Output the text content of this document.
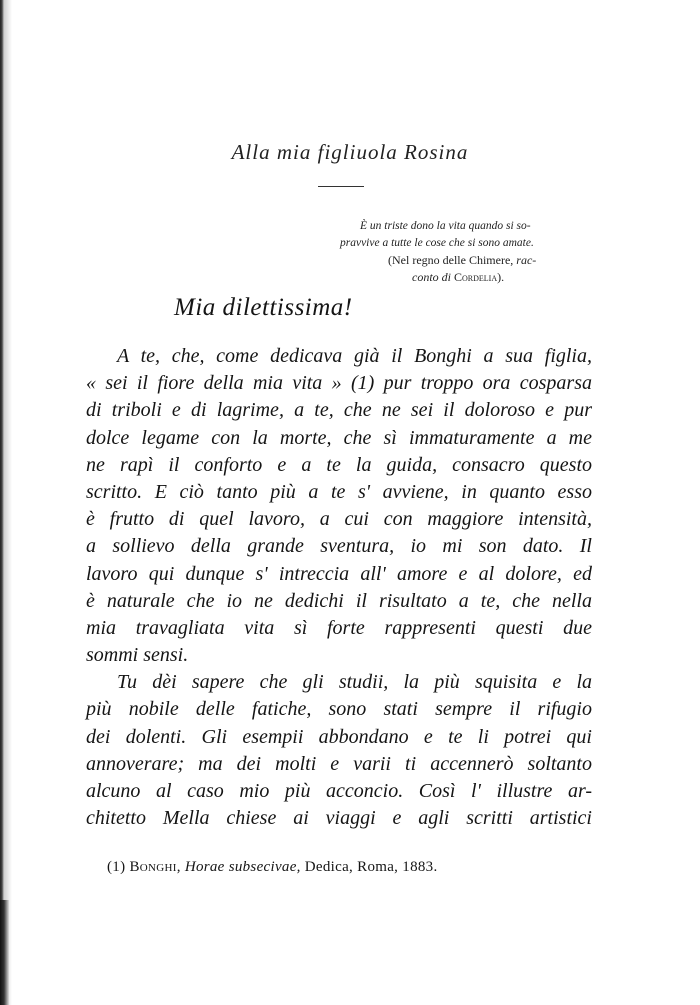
Alla mia figliuola Rosina
È un triste dono la vita quando si so-
pravvive a tutte le cose che si sono amate.
(Nel regno delle Chimere, rac-
conto di Cordelia).
Mia dilettissima!
A te, che, come dedicava già il Bonghi a sua figlia,
« sei il fiore della mia vita » (1) pur troppo ora cosparsa
di triboli e di lagrime, a te, che ne sei il doloroso e pur
dolce legame con la morte, che sì immaturamente a me
ne rapì il conforto e a te la guida, consacro questo
scritto. E ciò tanto più a te s' avviene, in quanto esso
è frutto di quel lavoro, a cui con maggiore intensità,
a sollievo della grande sventura, io mi son dato. Il
lavoro qui dunque s' intreccia all' amore e al dolore, ed
è naturale che io ne dedichi il risultato a te, che nella
mia travagliata vita sì forte rappresenti questi due
sommi sensi.
Tu dèi sapere che gli studii, la più squisita e la
più nobile delle fatiche, sono stati sempre il rifugio
dei dolenti. Gli esempii abbondano e te li potrei qui
annoverare; ma dei molti e varii ti accennerò soltanto
alcuno al caso mio più acconcio. Così l' illustre ar-
chitetto Mella chiese ai viaggi e agli scritti artistici
(1) Bonghi, Horae subsecivae, Dedica, Roma, 1883.
